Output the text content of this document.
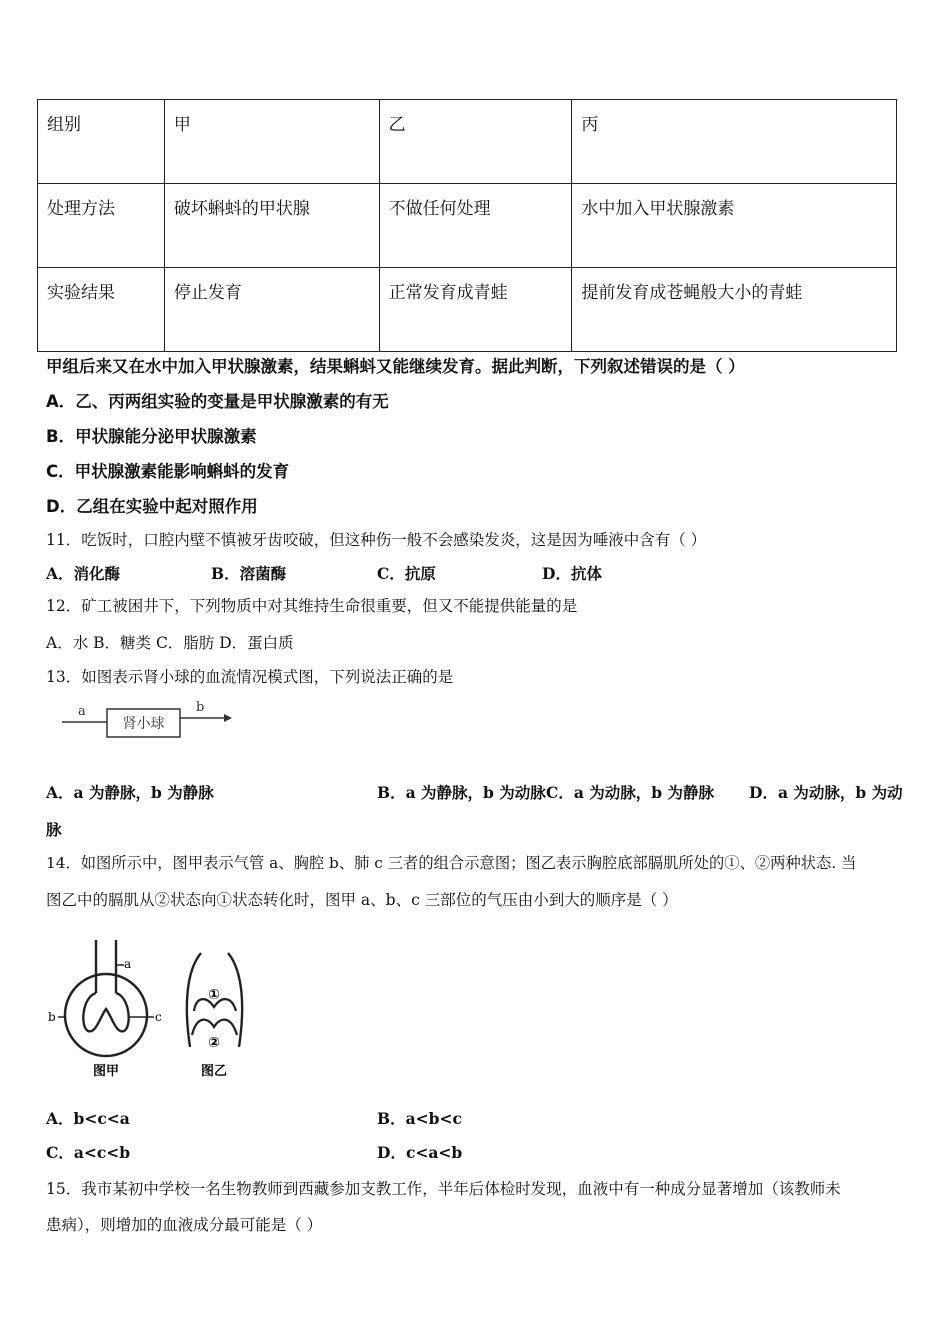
组别	甲	乙	丙
处理方法	破坏蝌蚪的甲状腺	不做任何处理	水中加入甲状腺激素
实验结果	停止发育	正常发育成青蛙	提前发育成苍蝇般大小的青蛙
甲组后来又在水中加入甲状腺激素，结果蝌蚪又能继续发育。据此判断，下列叙述错误的是（ ）
A．乙、丙两组实验的变量是甲状腺激素的有无
B．甲状腺能分泌甲状腺激素
C．甲状腺激素能影响蝌蚪的发育
D．乙组在实验中起对照作用
11．吃饭时，口腔内壁不慎被牙齿咬破，但这种伤一般不会感染发炎，这是因为唾液中含有（ ）
A．消化酶	B．溶菌酶	C．抗原	D．抗体
12．矿工被困井下，下列物质中对其维持生命很重要，但又不能提供能量的是
A．水 B．糖类 C．脂肪 D．蛋白质
13．如图表示肾小球的血流情况模式图，下列说法正确的是
a
肾小球
b
A．a 为静脉，b 为静脉	B．a 为静脉，b 为动脉 C．a 为动脉，b 为静脉 D．a 为动脉，b 为动
脉
14．如图所示中，图甲表示气管 a、胸腔 b、肺 c 三者的组合示意图；图乙表示胸腔底部膈肌所处的①、②两种状态. 当
图乙中的膈肌从②状态向①状态转化时，图甲 a、b、c 三部位的气压由小到大的顺序是（ ）
a
b	c
图甲
①
②
图乙
A．b<c<a	B．a<b<c
C．a<c<b	D．c<a<b
15．我市某初中学校一名生物教师到西藏参加支教工作，半年后体检时发现，血液中有一种成分显著增加（该教师未
患病），则增加的血液成分最可能是（ ）
